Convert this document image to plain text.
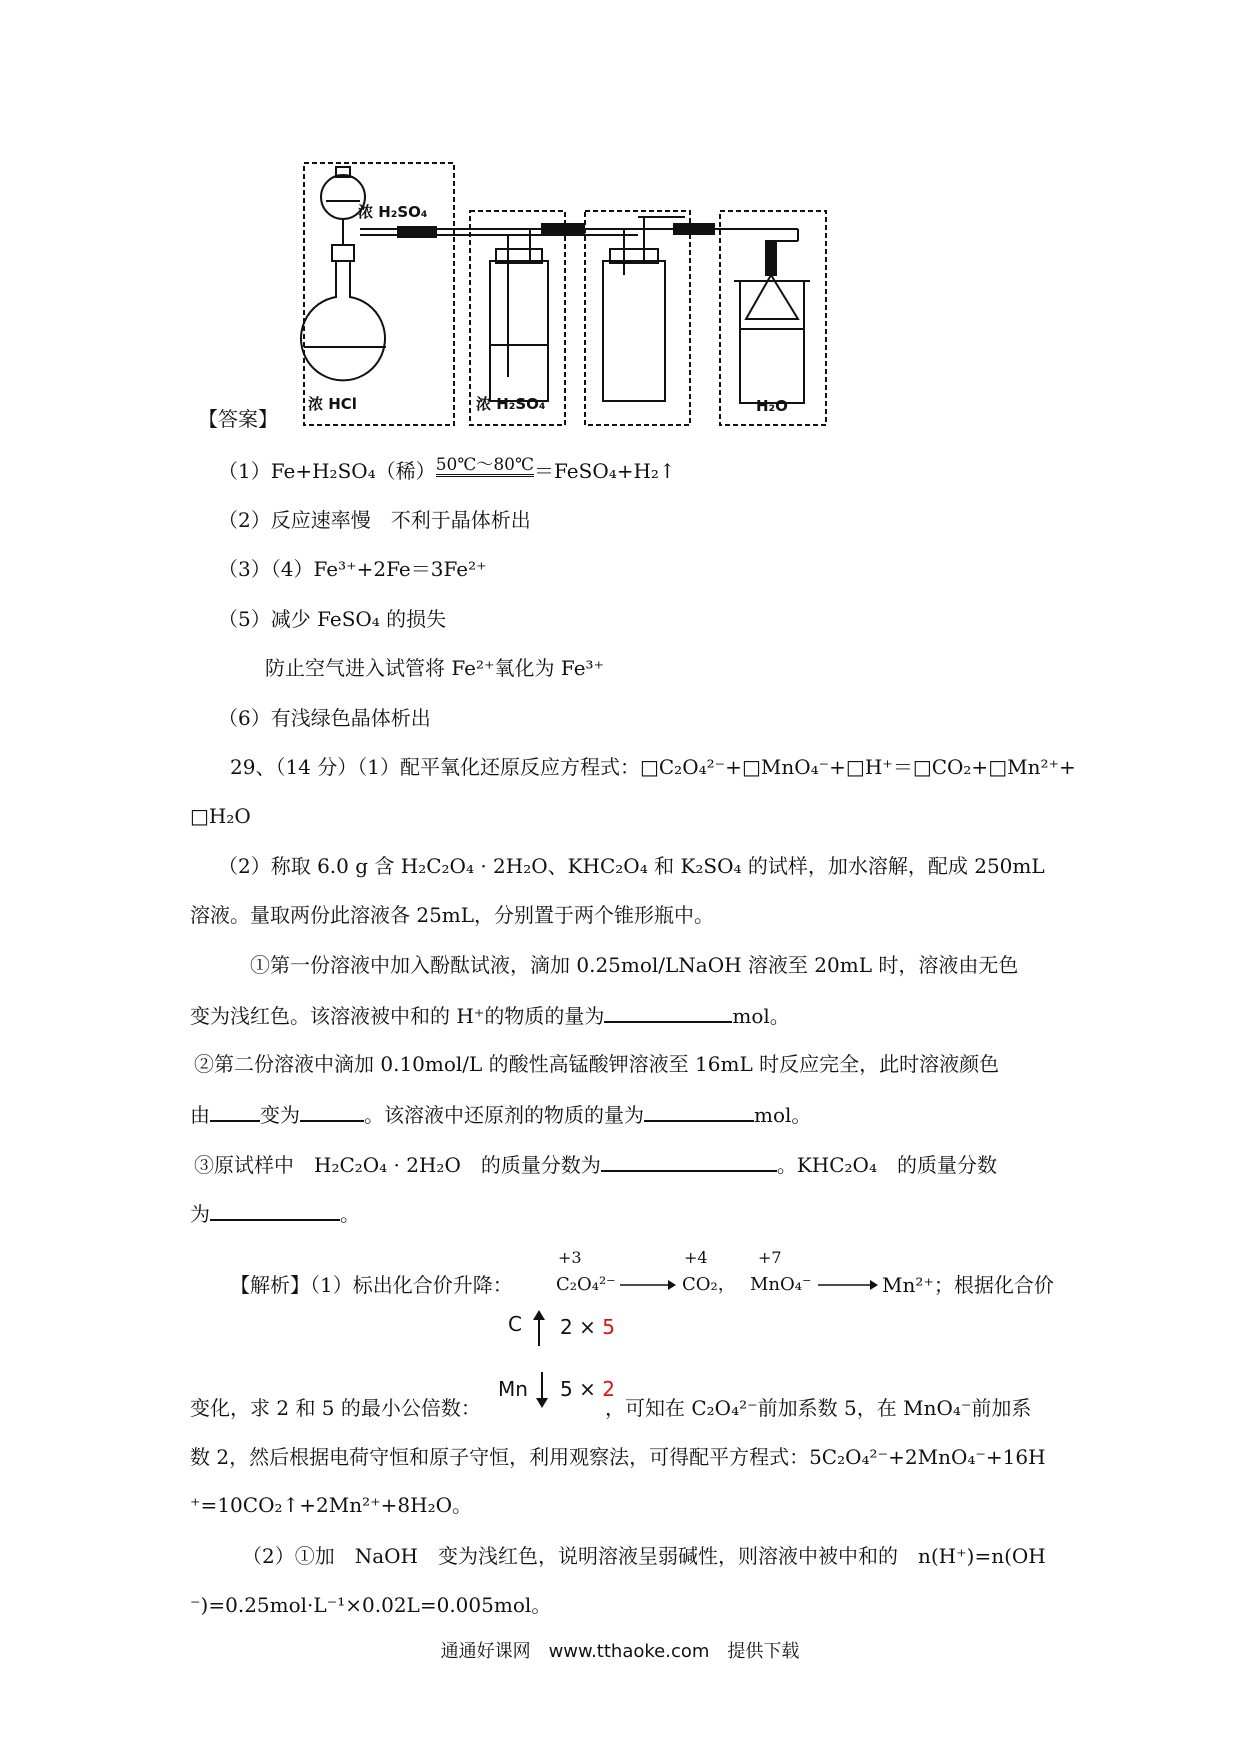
浓 H₂SO₄
浓 HCl	浓 H₂SO₄	H₂O
【答案】
（1）Fe+H₂SO₄（稀）50℃～80℃＝FeSO₄+H₂↑
（2）反应速率慢　不利于晶体析出
（3）（4）Fe³⁺+2Fe＝3Fe²⁺
（5）减少 FeSO₄ 的损失
防止空气进入试管将 Fe²⁺氧化为 Fe³⁺
（6）有浅绿色晶体析出
29、（14 分）（1）配平氧化还原反应方程式：□C₂O₄²⁻+□MnO₄⁻+□H⁺＝□CO₂+□Mn²⁺+
□H₂O
（2）称取 6.0 g 含 H₂C₂O₄ · 2H₂O、KHC₂O₄ 和 K₂SO₄ 的试样，加水溶解，配成 250mL
溶液。量取两份此溶液各 25mL，分别置于两个锥形瓶中。
①第一份溶液中加入酚酞试液，滴加 0.25mol/LNaOH 溶液至 20mL 时，溶液由无色
变为浅红色。该溶液被中和的 H⁺的物质的量为	mol。
②第二份溶液中滴加 0.10mol/L 的酸性高锰酸钾溶液至 16mL 时反应完全，此时溶液颜色
由	变为	。该溶液中还原剂的物质的量为	mol。
③原试样中　H₂C₂O₄ · 2H₂O　的质量分数为	。KHC₂O₄　的质量分数
为	。
【解析】（1）标出化合价升降：
+3
C₂O₄²⁻
+4
CO₂，
+7
MnO₄⁻	Mn²⁺；根据化合价
C 2 × 5
Mn 5 × 2
变化，求 2 和 5 的最小公倍数：	，可知在 C₂O₄²⁻前加系数 5，在 MnO₄⁻前加系
数 2，然后根据电荷守恒和原子守恒，利用观察法，可得配平方程式：5C₂O₄²⁻+2MnO₄⁻+16H
⁺=10CO₂↑+2Mn²⁺+8H₂O。
（2）①加　NaOH　变为浅红色，说明溶液呈弱碱性，则溶液中被中和的　n(H⁺)=n(OH
⁻)=0.25mol·L⁻¹×0.02L=0.005mol。
通通好课网　www.tthaoke.com　提供下载
